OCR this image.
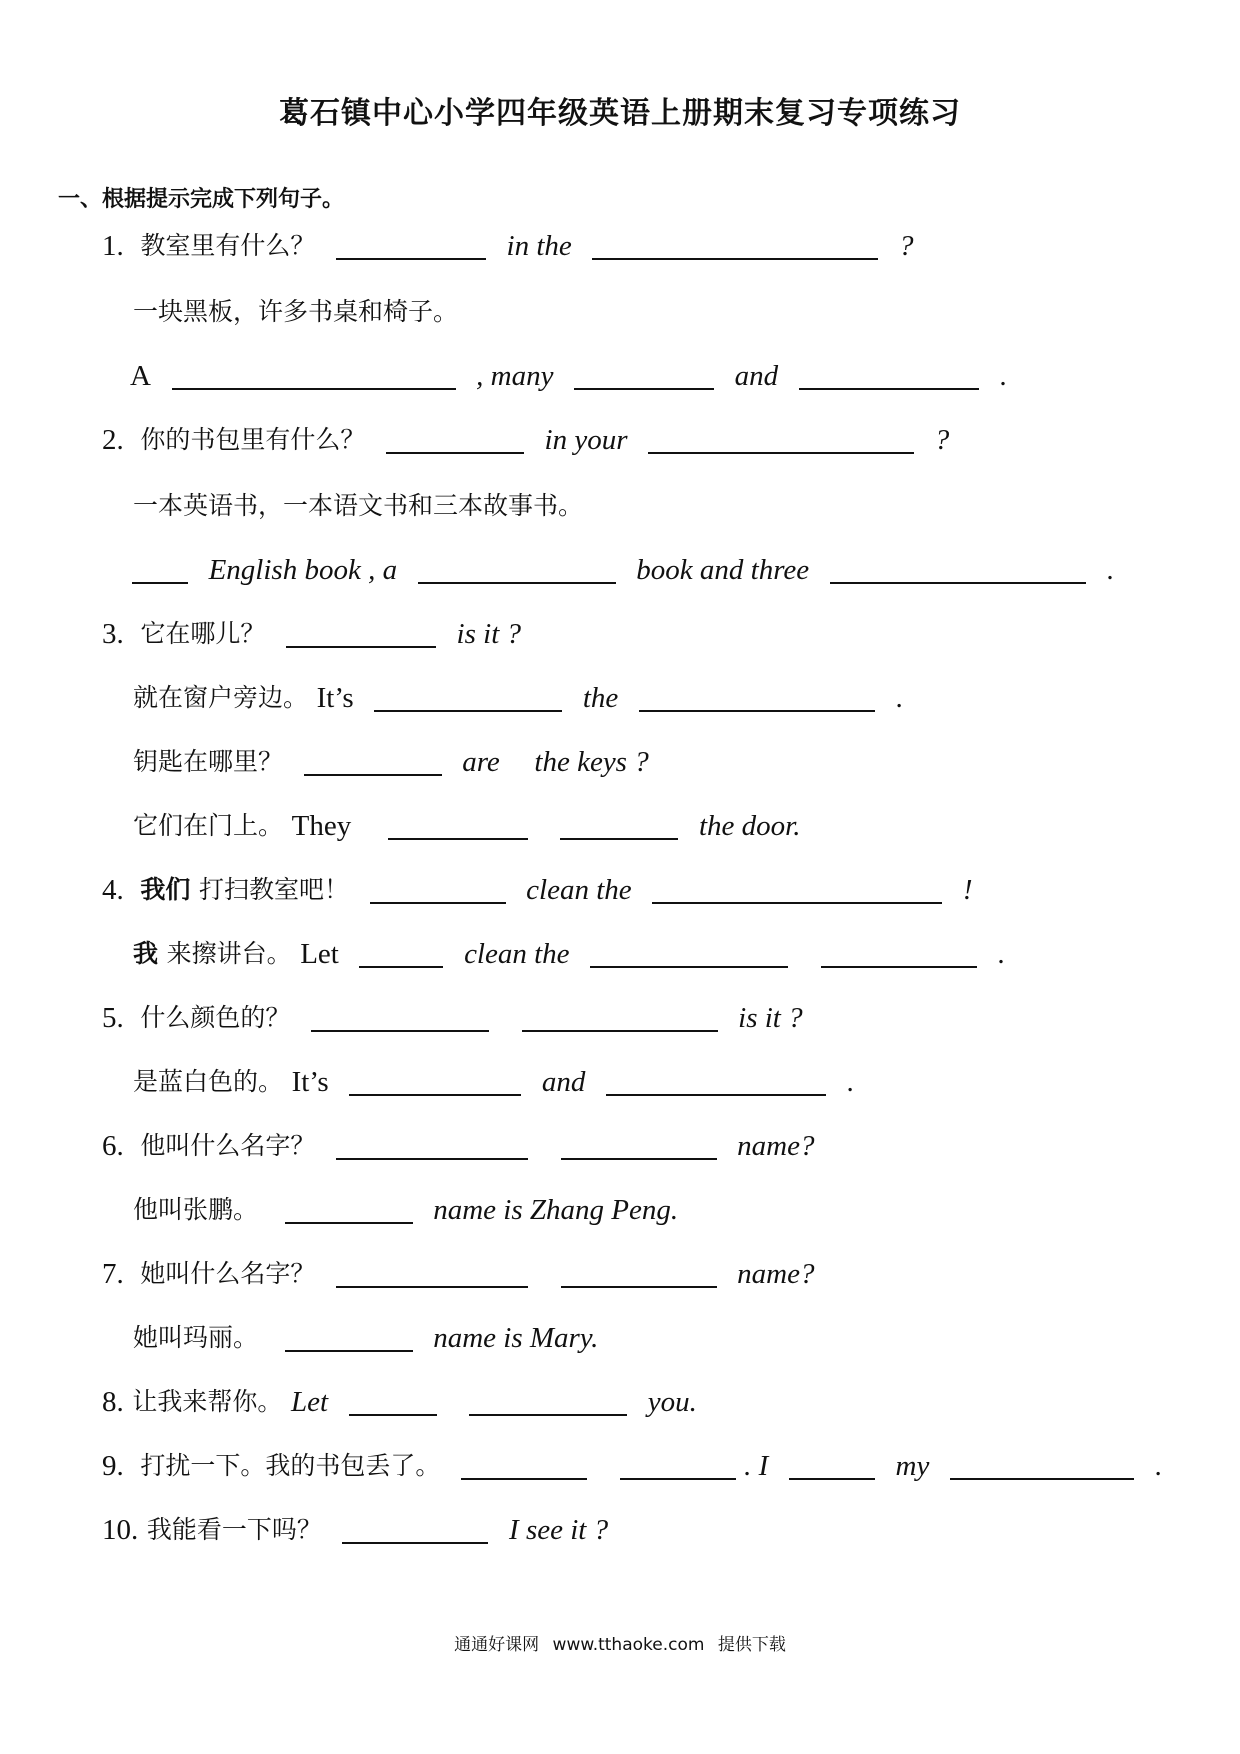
葛石镇中心小学四年级英语上册期末复习专项练习
一、根据提示完成下列句子。
1. 教室里有什么？	in the	?
一块黑板，许多书桌和椅子。
A	, many	and	.
2. 你的书包里有什么？	in your	?
一本英语书，一本语文书和三本故事书。
English book , a	book and three	.
3. 它在哪儿？	is it ?
就在窗户旁边。 It’s	the	.
钥匙在哪里？	are the keys ?
它们在门上。 They	the door.
4. 我们 打扫教室吧！	clean the	!
我 来擦讲台。 Let	clean the	.
5. 什么颜色的？	is it ?
是蓝白色的。 It’s	and	.
6. 他叫什么名字？	name?
他叫张鹏。	name is Zhang Peng.
7. 她叫什么名字？	name?
她叫玛丽。	name is Mary.
8. 让我来帮你。 Let	you.
9. 打扰一下。我的书包丢了。	. I	my	.
10. 我能看一下吗？	I see it ?
通通好课网 www.tthaoke.com 提供下载
